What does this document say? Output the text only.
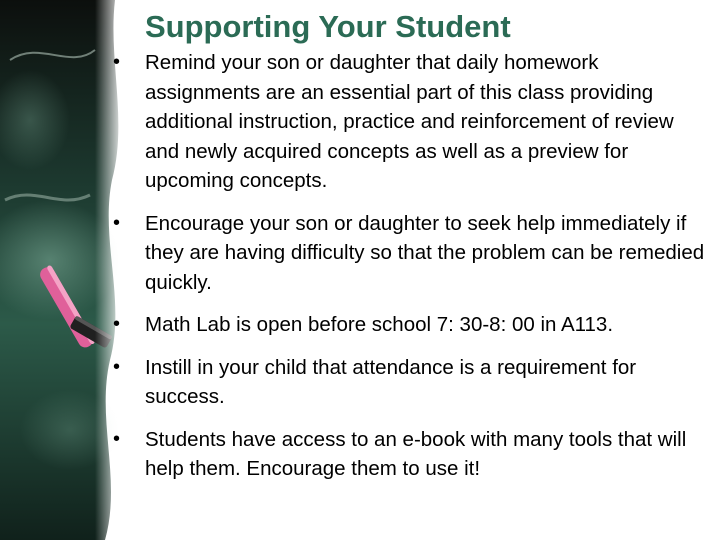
Supporting Your Student
• Remind your son or daughter that daily homework assignments are an essential part of this class providing additional instruction, practice and reinforcement of review and newly acquired concepts as well as a preview for upcoming concepts.
• Encourage your son or daughter to seek help immediately if they are having difficulty so that the problem can be remedied quickly.
• Math Lab is open before school 7: 30-8: 00 in A113.
• Instill in your child that attendance is a requirement for success.
• Students have access to an e-book with many tools that will help them. Encourage them to use it!
